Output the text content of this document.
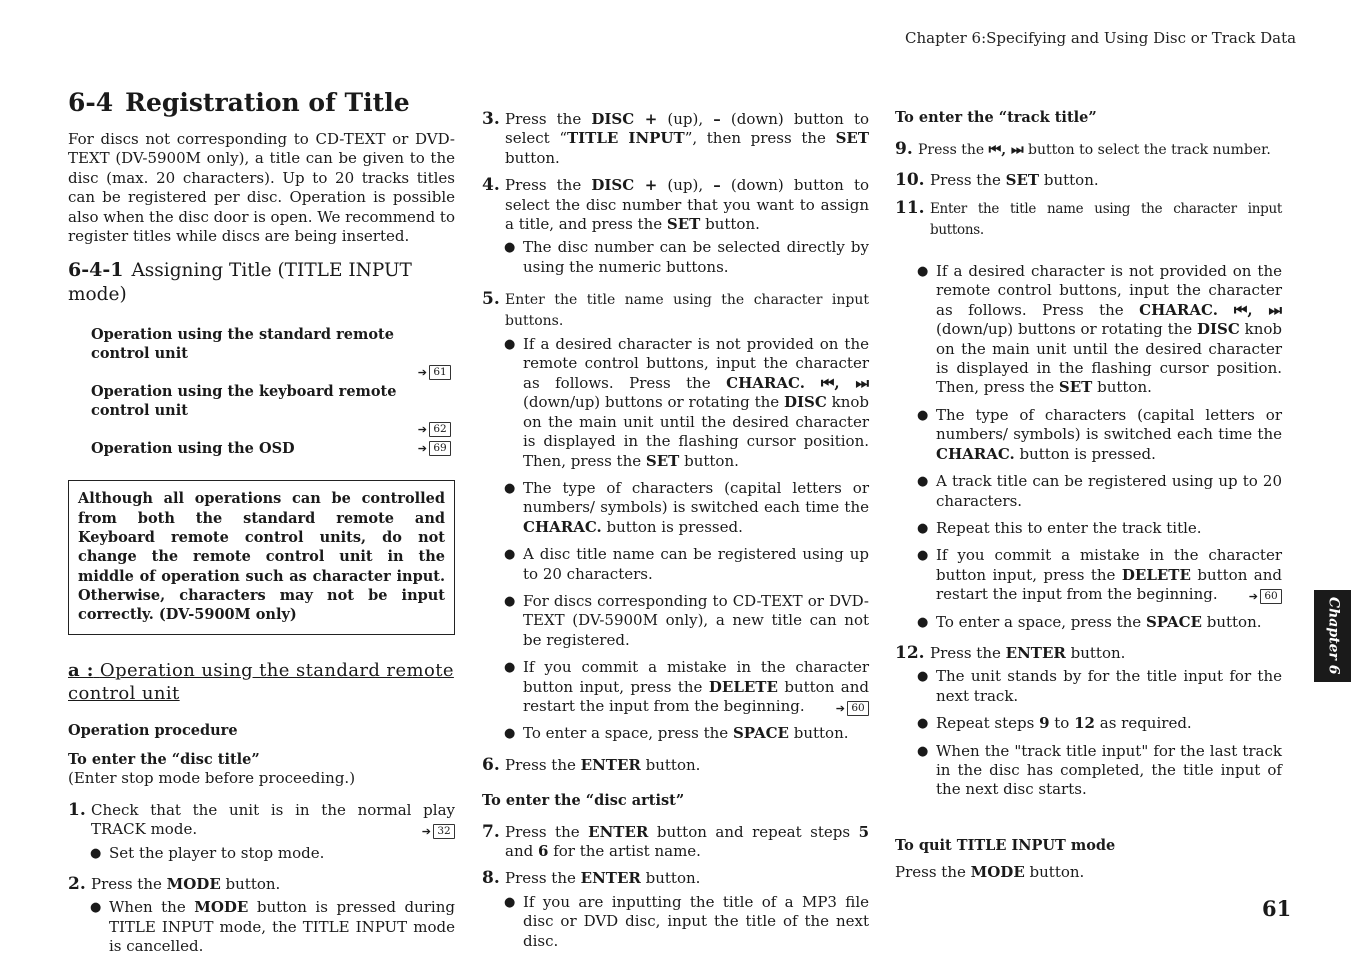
Chapter 6:Specifying and Using Disc or Track Data
6-4 Registration of Title

For discs not corresponding to CD-TEXT or DVD-TEXT (DV-5900M only), a title can be given to the disc (max. 20 characters). Up to 20 tracks titles can be registered per disc. Operation is possible also when the disc door is open. We recommend to register titles while discs are being inserted.

6-4-1 Assigning Title (TITLE INPUT mode)
Operation using the standard remote control unit
➔ 61
Operation using the keyboard remote control unit
➔ 62
Operation using the OSD	➔ 69
Although all operations can be controlled from both the standard remote and Keyboard remote control units, do not change the remote control unit in the middle of operation such as character input. Otherwise, characters may not be input correctly. (DV-5900M only)
a : Operation using the standard remote control unit
Operation procedure
To enter the “disc title”

(Enter stop mode before proceeding.)

1. Check that the unit is in the normal play TRACK mode.	➔ 32
● Set the player to stop mode.
2. Press the MODE button.
● When the MODE button is pressed during TITLE INPUT mode, the TITLE INPUT mode is cancelled.
3. Press the DISC + (up), – (down) button to select “TITLE INPUT”, then press the SET button.
4. Press the DISC + (up), – (down) button to select the disc number that you want to assign a title, and press the SET button.
● The disc number can be selected directly by using the numeric buttons.
5. Enter the title name using the character input buttons.
● If a desired character is not provided on the remote control buttons, input the character as follows. Press the CHARAC. ⏮, ⏭ (down/up) buttons or rotating the DISC knob on the main unit until the desired character is displayed in the flashing cursor position. Then, press the SET button.
● The type of characters (capital letters or numbers/ symbols) is switched each time the CHARAC. button is pressed.
● A disc title name can be registered using up to 20 characters.
● For discs corresponding to CD-TEXT or DVD-TEXT (DV-5900M only), a new title can not be registered.
● If you commit a mistake in the character button input, press the DELETE button and restart the input from the beginning.	➔ 60
● To enter a space, press the SPACE button.
6. Press the ENTER button.
To enter the “disc artist”
7. Press the ENTER button and repeat steps 5 and 6 for the artist name.
8. Press the ENTER button.
● If you are inputting the title of a MP3 file disc or DVD disc, input the title of the next disc.
To enter the “track title”
9. Press the ⏮, ⏭ button to select the track number.
10. Press the SET button.
11. Enter the title name using the character input buttons.
● If a desired character is not provided on the remote control buttons, input the character as follows. Press the CHARAC. ⏮, ⏭ (down/up) buttons or rotating the DISC knob on the main unit until the desired character is displayed in the flashing cursor position. Then, press the SET button.
● The type of characters (capital letters or numbers/ symbols) is switched each time the CHARAC. button is pressed.
● A track title can be registered using up to 20 characters.
● Repeat this to enter the track title.
● If you commit a mistake in the character button input, press the DELETE button and restart the input from the beginning.	➔ 60
● To enter a space, press the SPACE button.
12. Press the ENTER button.
● The unit stands by for the title input for the next track.
● Repeat steps 9 to 12 as required.
● When the "track title input" for the last track in the disc has completed, the title input of the next disc starts.
To quit TITLE INPUT mode

Press the MODE button.

Chapter 6
61
